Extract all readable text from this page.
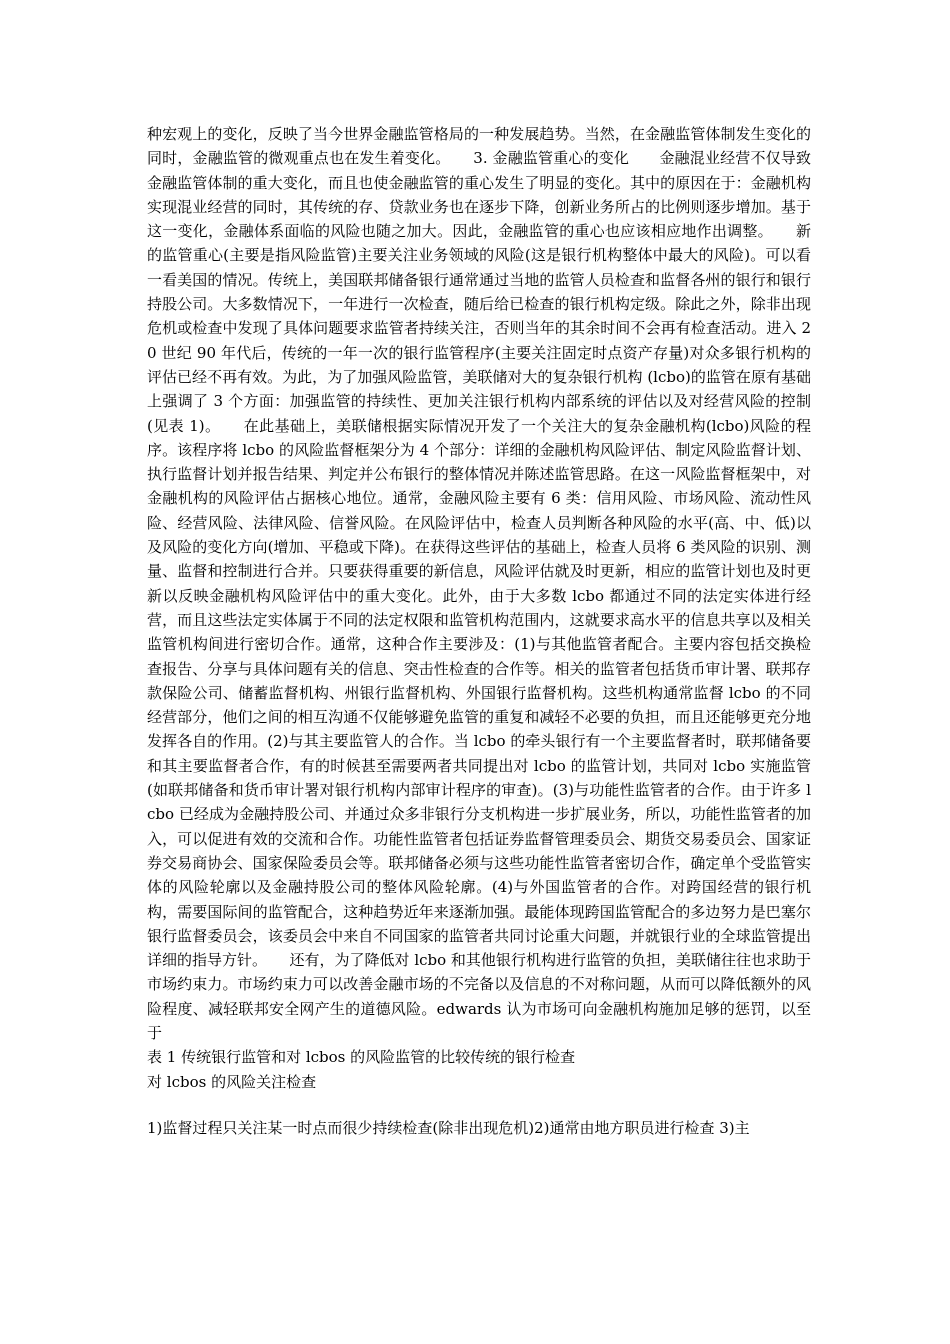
种宏观上的变化，反映了当今世界金融监管格局的一种发展趋势。当然，在金融监管体制发生变化的同时，金融监管的微观重点也在发生着变化。　　3. 金融监管重心的变化　　金融混业经营不仅导致金融监管体制的重大变化，而且也使金融监管的重心发生了明显的变化。其中的原因在于：金融机构实现混业经营的同时，其传统的存、贷款业务也在逐步下降，创新业务所占的比例则逐步增加。基于这一变化，金融体系面临的风险也随之加大。因此，金融监管的重心也应该相应地作出调整。　　新的监管重心(主要是指风险监管)主要关注业务领域的风险(这是银行机构整体中最大的风险)。可以看一看美国的情况。传统上，美国联邦储备银行通常通过当地的监管人员检查和监督各州的银行和银行持股公司。大多数情况下，一年进行一次检查，随后给已检查的银行机构定级。除此之外，除非出现危机或检查中发现了具体问题要求监管者持续关注，否则当年的其余时间不会再有检查活动。进入 20 世纪 90 年代后，传统的一年一次的银行监管程序(主要关注固定时点资产存量)对众多银行机构的评估已经不再有效。为此，为了加强风险监管，美联储对大的复杂银行机构 (lcbo)的监管在原有基础上强调了 3 个方面：加强监管的持续性、更加关注银行机构内部系统的评估以及对经营风险的控制(见表 1)。　　在此基础上，美联储根据实际情况开发了一个关注大的复杂金融机构(lcbo)风险的程序。该程序将 lcbo 的风险监督框架分为 4 个部分：详细的金融机构风险评估、制定风险监督计划、执行监督计划并报告结果、判定并公布银行的整体情况并陈述监管思路。在这一风险监督框架中，对金融机构的风险评估占据核心地位。通常，金融风险主要有 6 类：信用风险、市场风险、流动性风险、经营风险、法律风险、信誉风险。在风险评估中，检查人员判断各种风险的水平(高、中、低)以及风险的变化方向(增加、平稳或下降)。在获得这些评估的基础上，检查人员将 6 类风险的识别、测量、监督和控制进行合并。只要获得重要的新信息，风险评估就及时更新，相应的监管计划也及时更新以反映金融机构风险评估中的重大变化。此外，由于大多数 lcbo 都通过不同的法定实体进行经营，而且这些法定实体属于不同的法定权限和监管机构范围内，这就要求高水平的信息共享以及相关监管机构间进行密切合作。通常，这种合作主要涉及：(1)与其他监管者配合。主要内容包括交换检查报告、分享与具体问题有关的信息、突击性检查的合作等。相关的监管者包括货币审计署、联邦存款保险公司、储蓄监督机构、州银行监督机构、外国银行监督机构。这些机构通常监督 lcbo 的不同经营部分，他们之间的相互沟通不仅能够避免监管的重复和减轻不必要的负担，而且还能够更充分地发挥各自的作用。(2)与其主要监管人的合作。当 lcbo 的牵头银行有一个主要监督者时，联邦储备要和其主要监督者合作，有的时候甚至需要两者共同提出对 lcbo 的监管计划，共同对 lcbo 实施监管(如联邦储备和货币审计署对银行机构内部审计程序的审查)。(3)与功能性监管者的合作。由于许多 lcbo 已经成为金融持股公司、并通过众多非银行分支机构进一步扩展业务，所以，功能性监管者的加入，可以促进有效的交流和合作。功能性监管者包括证券监督管理委员会、期货交易委员会、国家证券交易商协会、国家保险委员会等。联邦储备必须与这些功能性监管者密切合作，确定单个受监管实体的风险轮廓以及金融持股公司的整体风险轮廓。(4)与外国监管者的合作。对跨国经营的银行机构，需要国际间的监管配合，这种趋势近年来逐渐加强。最能体现跨国监管配合的多边努力是巴塞尔银行监督委员会，该委员会中来自不同国家的监管者共同讨论重大问题，并就银行业的全球监管提出详细的指导方针。　　还有，为了降低对 lcbo 和其他银行机构进行监管的负担，美联储往往也求助于市场约束力。市场约束力可以改善金融市场的不完备以及信息的不对称问题，从而可以降低额外的风险程度、减轻联邦安全网产生的道德风险。edwards 认为市场可向金融机构施加足够的惩罚，以至于

表 1 传统银行监管和对 lcbos 的风险监管的比较传统的银行检查

对 lcbos 的风险关注检查

1)监督过程只关注某一时点而很少持续检查(除非出现危机)2)通常由地方职员进行检查 3)主
